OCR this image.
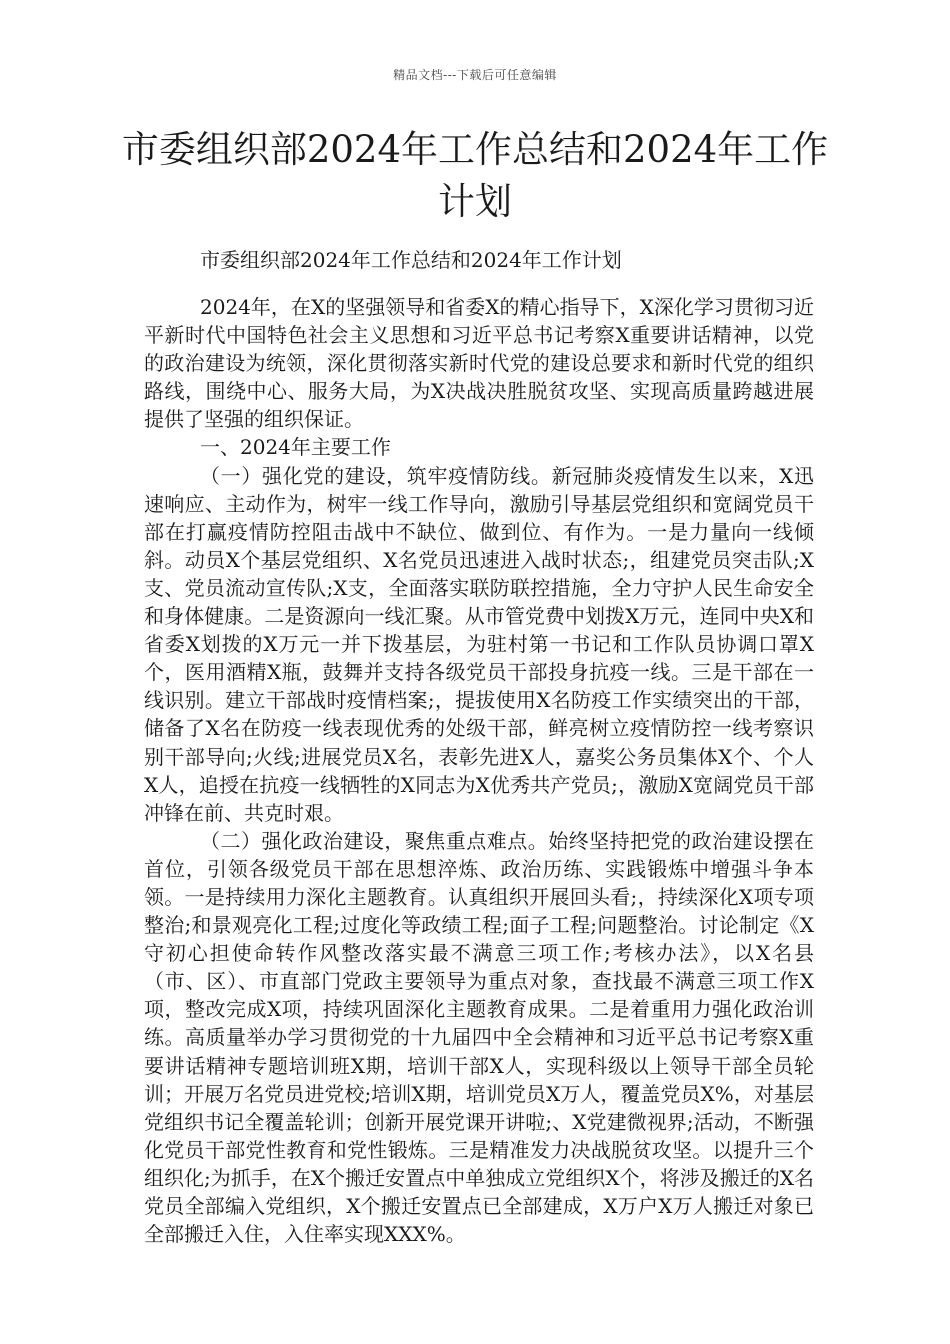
精品文档---下载后可任意编辑
市委组织部2024年工作总结和2024年工作计划
市委组织部2024年工作总结和2024年工作计划

2024年，在X的坚强领导和省委X的精心指导下，X深化学习贯彻习近平新时代中国特色社会主义思想和习近平总书记考察X重要讲话精神，以党的政治建设为统领，深化贯彻落实新时代党的建设总要求和新时代党的组织路线，围绕中心、服务大局，为X决战决胜脱贫攻坚、实现高质量跨越进展提供了坚强的组织保证。

一、2024年主要工作

（一）强化党的建设，筑牢疫情防线。新冠肺炎疫情发生以来，X迅速响应、主动作为，树牢一线工作导向，激励引导基层党组织和宽阔党员干部在打赢疫情防控阻击战中不缺位、做到位、有作为。一是力量向一线倾斜。动员X个基层党组织、X名党员迅速进入战时状态;，组建党员突击队;X支、党员流动宣传队;X支，全面落实联防联控措施，全力守护人民生命安全和身体健康。二是资源向一线汇聚。从市管党费中划拨X万元，连同中央X和省委X划拨的X万元一并下拨基层，为驻村第一书记和工作队员协调口罩X个，医用酒精X瓶，鼓舞并支持各级党员干部投身抗疫一线。三是干部在一线识别。建立干部战时疫情档案;，提拔使用X名防疫工作实绩突出的干部，储备了X名在防疫一线表现优秀的处级干部，鲜亮树立疫情防控一线考察识别干部导向;火线;进展党员X名，表彰先进X人，嘉奖公务员集体X个、个人X人，追授在抗疫一线牺牲的X同志为X优秀共产党员;，激励X宽阔党员干部冲锋在前、共克时艰。

（二）强化政治建设，聚焦重点难点。始终坚持把党的政治建设摆在首位，引领各级党员干部在思想淬炼、政治历练、实践锻炼中增强斗争本领。一是持续用力深化主题教育。认真组织开展回头看;，持续深化X项专项整治;和景观亮化工程;过度化等政绩工程;面子工程;问题整治。讨论制定《X守初心担使命转作风整改落实最不满意三项工作;考核办法》，以X名县（市、区）、市直部门党政主要领导为重点对象，查找最不满意三项工作X项，整改完成X项，持续巩固深化主题教育成果。二是着重用力强化政治训练。高质量举办学习贯彻党的十九届四中全会精神和习近平总书记考察X重要讲话精神专题培训班X期，培训干部X人，实现科级以上领导干部全员轮训；开展万名党员进党校;培训X期，培训党员X万人，覆盖党员X%，对基层党组织书记全覆盖轮训；创新开展党课开讲啦;、X党建微视界;活动，不断强化党员干部党性教育和党性锻炼。三是精准发力决战脱贫攻坚。以提升三个组织化;为抓手，在X个搬迁安置点中单独成立党组织X个，将涉及搬迁的X名党员全部编入党组织，X个搬迁安置点已全部建成，X万户X万人搬迁对象已全部搬迁入住，入住率实现XXX%。
